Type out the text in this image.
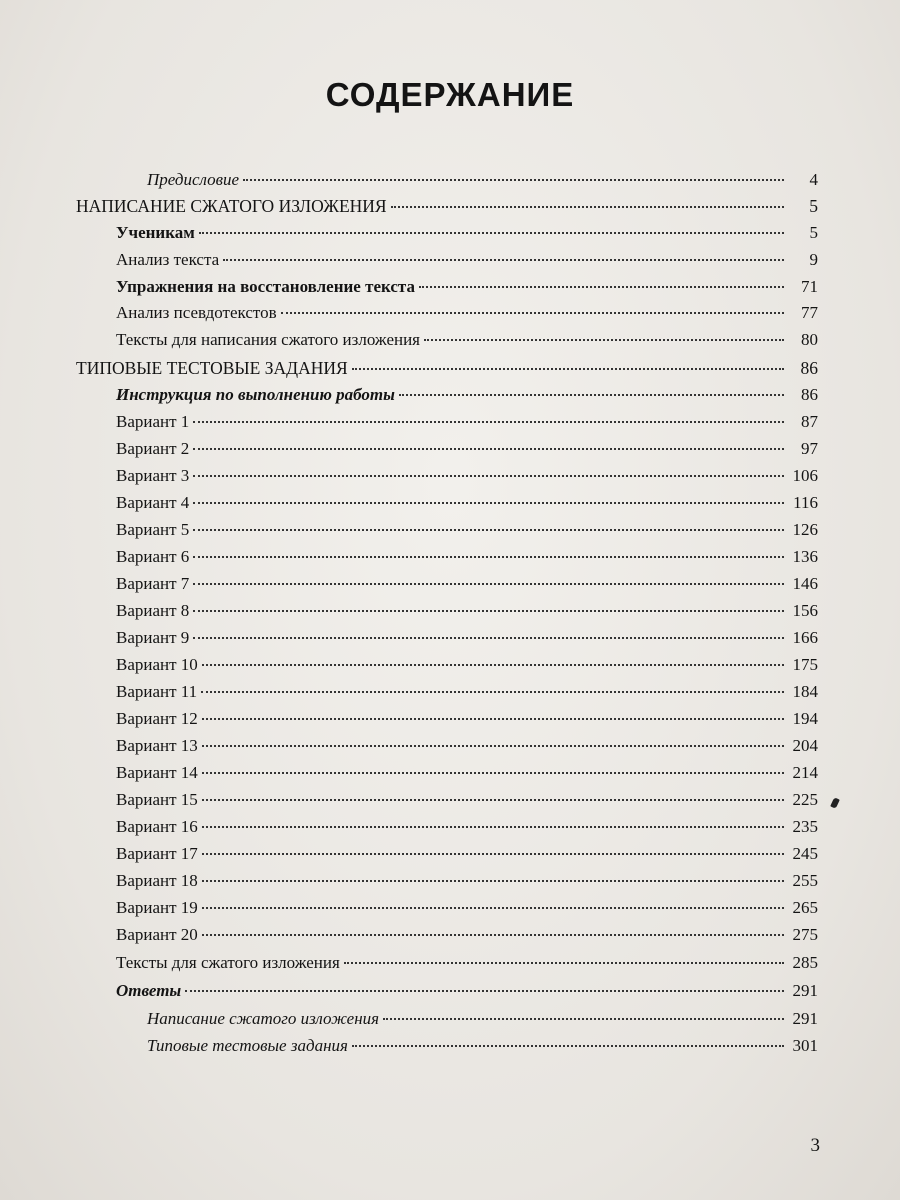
СОДЕРЖАНИЕ
Предисловие	4
НАПИСАНИЕ СЖАТОГО ИЗЛОЖЕНИЯ	5
Ученикам	5
Анализ текста	9
Упражнения на восстановление текста	71
Анализ псевдотекстов	77
Тексты для написания сжатого изложения	80
ТИПОВЫЕ ТЕСТОВЫЕ ЗАДАНИЯ	86
Инструкция по выполнению работы	86
Вариант 1	87
Вариант 2	97
Вариант 3	106
Вариант 4	116
Вариант 5	126
Вариант 6	136
Вариант 7	146
Вариант 8	156
Вариант 9	166
Вариант 10	175
Вариант 11	184
Вариант 12	194
Вариант 13	204
Вариант 14	214
Вариант 15	225
Вариант 16	235
Вариант 17	245
Вариант 18	255
Вариант 19	265
Вариант 20	275
Тексты для сжатого изложения	285
Ответы	291
Написание сжатого изложения	291
Типовые тестовые задания	301
3
